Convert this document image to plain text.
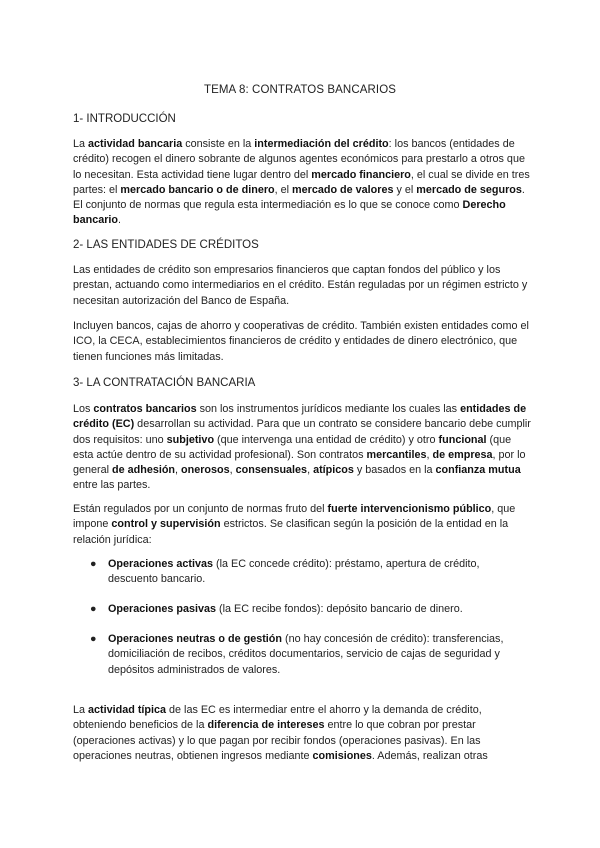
TEMA 8: CONTRATOS BANCARIOS
1- INTRODUCCIÓN
La actividad bancaria consiste en la intermediación del crédito: los bancos (entidades de crédito) recogen el dinero sobrante de algunos agentes económicos para prestarlo a otros que lo necesitan. Esta actividad tiene lugar dentro del mercado financiero, el cual se divide en tres partes: el mercado bancario o de dinero, el mercado de valores y el mercado de seguros. El conjunto de normas que regula esta intermediación es lo que se conoce como Derecho bancario.
2- LAS ENTIDADES DE CRÉDITOS
Las entidades de crédito son empresarios financieros que captan fondos del público y los prestan, actuando como intermediarios en el crédito. Están reguladas por un régimen estricto y necesitan autorización del Banco de España.
Incluyen bancos, cajas de ahorro y cooperativas de crédito. También existen entidades como el ICO, la CECA, establecimientos financieros de crédito y entidades de dinero electrónico, que tienen funciones más limitadas.
3- LA CONTRATACIÓN BANCARIA
Los contratos bancarios son los instrumentos jurídicos mediante los cuales las entidades de crédito (EC) desarrollan su actividad. Para que un contrato se considere bancario debe cumplir dos requisitos: uno subjetivo (que intervenga una entidad de crédito) y otro funcional (que esta actúe dentro de su actividad profesional). Son contratos mercantiles, de empresa, por lo general de adhesión, onerosos, consensuales, atípicos y basados en la confianza mutua entre las partes.
Están regulados por un conjunto de normas fruto del fuerte intervencionismo público, que impone control y supervisión estrictos. Se clasifican según la posición de la entidad en la relación jurídica:
● Operaciones activas (la EC concede crédito): préstamo, apertura de crédito, descuento bancario.
● Operaciones pasivas (la EC recibe fondos): depósito bancario de dinero.
● Operaciones neutras o de gestión (no hay concesión de crédito): transferencias, domiciliación de recibos, créditos documentarios, servicio de cajas de seguridad y depósitos administrados de valores.
La actividad típica de las EC es intermediar entre el ahorro y la demanda de crédito, obteniendo beneficios de la diferencia de intereses entre lo que cobran por prestar (operaciones activas) y lo que pagan por recibir fondos (operaciones pasivas). En las operaciones neutras, obtienen ingresos mediante comisiones. Además, realizan otras
